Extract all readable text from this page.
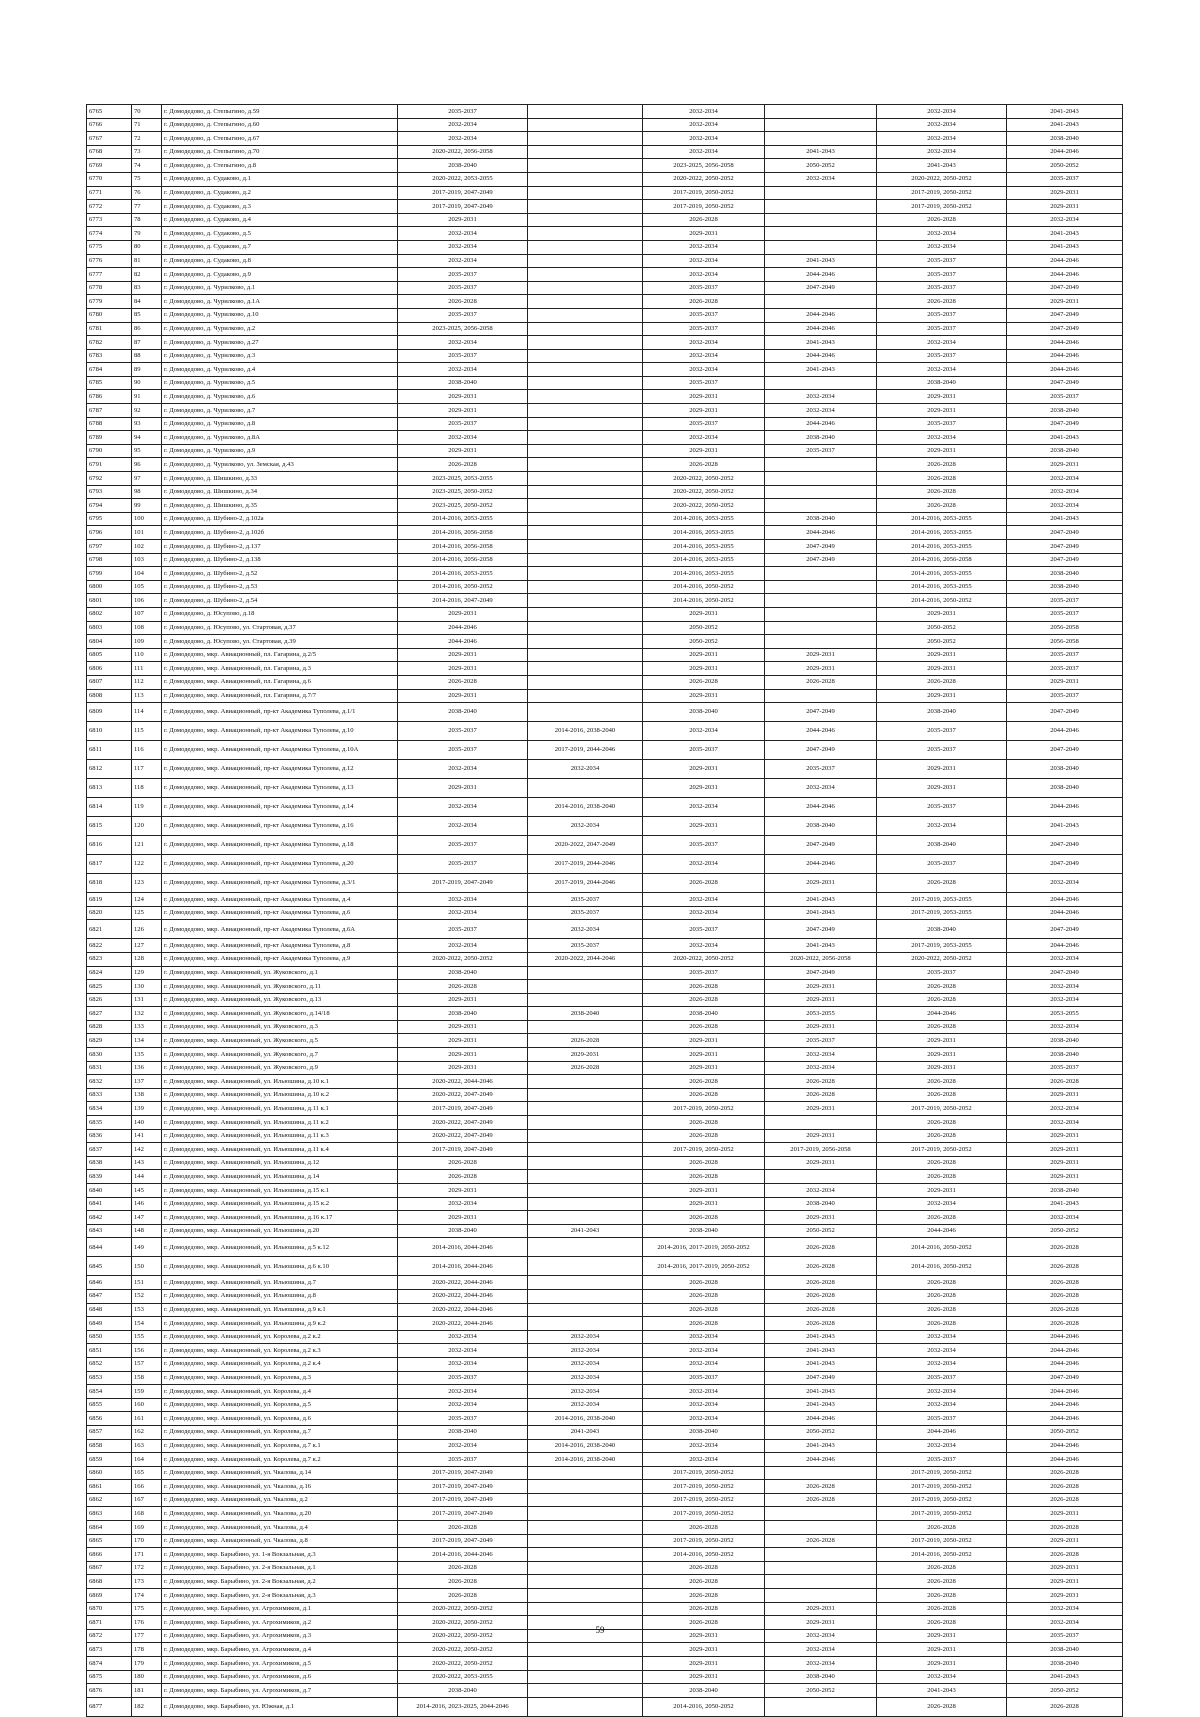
6765	70	г. Домодедово, д. Степыгино, д.59	2035-2037		2032-2034		2032-2034	2041-2043
6766	71	г. Домодедово, д. Степыгино, д.60	2032-2034		2032-2034		2032-2034	2041-2043
6767	72	г. Домодедово, д. Степыгино, д.67	2032-2034		2032-2034		2032-2034	2038-2040
6768	73	г. Домодедово, д. Степыгино, д.70	2020-2022, 2056-2058		2032-2034	2041-2043	2032-2034	2044-2046
6769	74	г. Домодедово, д. Степыгино, д.8	2038-2040		2023-2025, 2056-2058	2050-2052	2041-2043	2050-2052
6770	75	г. Домодедово, д. Судаково, д.1	2020-2022, 2053-2055		2020-2022, 2050-2052	2032-2034	2020-2022, 2050-2052	2035-2037
6771	76	г. Домодедово, д. Судаково, д.2	2017-2019, 2047-2049		2017-2019, 2050-2052		2017-2019, 2050-2052	2029-2031
6772	77	г. Домодедово, д. Судаково, д.3	2017-2019, 2047-2049		2017-2019, 2050-2052		2017-2019, 2050-2052	2029-2031
6773	78	г. Домодедово, д. Судаково, д.4	2029-2031		2026-2028		2026-2028	2032-2034
6774	79	г. Домодедово, д. Судаково, д.5	2032-2034		2029-2031		2032-2034	2041-2043
6775	80	г. Домодедово, д. Судаково, д.7	2032-2034		2032-2034		2032-2034	2041-2043
6776	81	г. Домодедово, д. Судаково, д.8	2032-2034		2032-2034	2041-2043	2035-2037	2044-2046
6777	82	г. Домодедово, д. Судаково, д.9	2035-2037		2032-2034	2044-2046	2035-2037	2044-2046
6778	83	г. Домодедово, д. Чурилково, д.1	2035-2037		2035-2037	2047-2049	2035-2037	2047-2049
6779	84	г. Домодедово, д. Чурилково, д.1А	2026-2028		2026-2028		2026-2028	2029-2031
6780	85	г. Домодедово, д. Чурилково, д.10	2035-2037		2035-2037	2044-2046	2035-2037	2047-2049
6781	86	г. Домодедово, д. Чурилково, д.2	2023-2025, 2056-2058		2035-2037	2044-2046	2035-2037	2047-2049
6782	87	г. Домодедово, д. Чурилково, д.27	2032-2034		2032-2034	2041-2043	2032-2034	2044-2046
6783	88	г. Домодедово, д. Чурилково, д.3	2035-2037		2032-2034	2044-2046	2035-2037	2044-2046
6784	89	г. Домодедово, д. Чурилково, д.4	2032-2034		2032-2034	2041-2043	2032-2034	2044-2046
6785	90	г. Домодедово, д. Чурилково, д.5	2038-2040		2035-2037		2038-2040	2047-2049
6786	91	г. Домодедово, д. Чурилково, д.6	2029-2031		2029-2031	2032-2034	2029-2031	2035-2037
6787	92	г. Домодедово, д. Чурилково, д.7	2029-2031		2029-2031	2032-2034	2029-2031	2038-2040
6788	93	г. Домодедово, д. Чурилково, д.8	2035-2037		2035-2037	2044-2046	2035-2037	2047-2049
6789	94	г. Домодедово, д. Чурилково, д.8А	2032-2034		2032-2034	2038-2040	2032-2034	2041-2043
6790	95	г. Домодедово, д. Чурилково, д.9	2029-2031		2029-2031	2035-2037	2029-2031	2038-2040
6791	96	г. Домодедово, д. Чурилково, ул. Земская, д.43	2026-2028		2026-2028		2026-2028	2029-2031
6792	97	г. Домодедово, д. Шишкино, д.33	2023-2025, 2053-2055		2020-2022, 2050-2052		2026-2028	2032-2034
6793	98	г. Домодедово, д. Шишкино, д.34	2023-2025, 2050-2052		2020-2022, 2050-2052		2026-2028	2032-2034
6794	99	г. Домодедово, д. Шишкино, д.35	2023-2025, 2050-2052		2020-2022, 2050-2052		2026-2028	2032-2034
6795	100	г. Домодедово, д. Шубино-2, д.102а	2014-2016, 2053-2055		2014-2016, 2053-2055	2038-2040	2014-2016, 2053-2055	2041-2043
6796	101	г. Домодедово, д. Шубино-2, д.102б	2014-2016, 2056-2058		2014-2016, 2053-2055	2044-2046	2014-2016, 2053-2055	2047-2049
6797	102	г. Домодедово, д. Шубино-2, д.137	2014-2016, 2056-2058		2014-2016, 2053-2055	2047-2049	2014-2016, 2053-2055	2047-2049
6798	103	г. Домодедово, д. Шубино-2, д.138	2014-2016, 2056-2058		2014-2016, 2053-2055	2047-2049	2014-2016, 2056-2058	2047-2049
6799	104	г. Домодедово, д. Шубино-2, д.52	2014-2016, 2053-2055		2014-2016, 2053-2055		2014-2016, 2053-2055	2038-2040
6800	105	г. Домодедово, д. Шубино-2, д.53	2014-2016, 2050-2052		2014-2016, 2050-2052		2014-2016, 2053-2055	2038-2040
6801	106	г. Домодедово, д. Шубино-2, д.54	2014-2016, 2047-2049		2014-2016, 2050-2052		2014-2016, 2050-2052	2035-2037
6802	107	г. Домодедово, д. Юсупово, д.18	2029-2031		2029-2031		2029-2031	2035-2037
6803	108	г. Домодедово, д. Юсупово, ул. Стартовая, д.37	2044-2046		2050-2052		2050-2052	2056-2058
6804	109	г. Домодедово, д. Юсупово, ул. Стартовая, д.39	2044-2046		2050-2052		2050-2052	2056-2058
6805	110	г. Домодедово, мкр. Авиационный, пл. Гагарина, д.2/5	2029-2031		2029-2031	2029-2031	2029-2031	2035-2037
6806	111	г. Домодедово, мкр. Авиационный, пл. Гагарина, д.3	2029-2031		2029-2031	2029-2031	2029-2031	2035-2037
6807	112	г. Домодедово, мкр. Авиационный, пл. Гагарина, д.6	2026-2028		2026-2028	2026-2028	2026-2028	2029-2031
6808	113	г. Домодедово, мкр. Авиационный, пл. Гагарина, д.7/7	2029-2031		2029-2031		2029-2031	2035-2037
6809	114	г. Домодедово, мкр. Авиационный, пр-кт Академика Туполева, д.1/1	2038-2040		2038-2040	2047-2049	2038-2040	2047-2049
6810	115	г. Домодедово, мкр. Авиационный, пр-кт Академика Туполева, д.10	2035-2037	2014-2016, 2038-2040	2032-2034	2044-2046	2035-2037	2044-2046
6811	116	г. Домодедово, мкр. Авиационный, пр-кт Академика Туполева, д.10А	2035-2037	2017-2019, 2044-2046	2035-2037	2047-2049	2035-2037	2047-2049
6812	117	г. Домодедово, мкр. Авиационный, пр-кт Академика Туполева, д.12	2032-2034	2032-2034	2029-2031	2035-2037	2029-2031	2038-2040
6813	118	г. Домодедово, мкр. Авиационный, пр-кт Академика Туполева, д.13	2029-2031		2029-2031	2032-2034	2029-2031	2038-2040
6814	119	г. Домодедово, мкр. Авиационный, пр-кт Академика Туполева, д.14	2032-2034	2014-2016, 2038-2040	2032-2034	2044-2046	2035-2037	2044-2046
6815	120	г. Домодедово, мкр. Авиационный, пр-кт Академика Туполева, д.16	2032-2034	2032-2034	2029-2031	2038-2040	2032-2034	2041-2043
6816	121	г. Домодедово, мкр. Авиационный, пр-кт Академика Туполева, д.18	2035-2037	2020-2022, 2047-2049	2035-2037	2047-2049	2038-2040	2047-2049
6817	122	г. Домодедово, мкр. Авиационный, пр-кт Академика Туполева, д.20	2035-2037	2017-2019, 2044-2046	2032-2034	2044-2046	2035-2037	2047-2049
6818	123	г. Домодедово, мкр. Авиационный, пр-кт Академика Туполева, д.3/1	2017-2019, 2047-2049	2017-2019, 2044-2046	2026-2028	2029-2031	2026-2028	2032-2034
6819	124	г. Домодедово, мкр. Авиационный, пр-кт Академика Туполева, д.4	2032-2034	2035-2037	2032-2034	2041-2043	2017-2019, 2053-2055	2044-2046
6820	125	г. Домодедово, мкр. Авиационный, пр-кт Академика Туполева, д.6	2032-2034	2035-2037	2032-2034	2041-2043	2017-2019, 2053-2055	2044-2046
6821	126	г. Домодедово, мкр. Авиационный, пр-кт Академика Туполева, д.6А	2035-2037	2032-2034	2035-2037	2047-2049	2038-2040	2047-2049
6822	127	г. Домодедово, мкр. Авиационный, пр-кт Академика Туполева, д.8	2032-2034	2035-2037	2032-2034	2041-2043	2017-2019, 2053-2055	2044-2046
6823	128	г. Домодедово, мкр. Авиационный, пр-кт Академика Туполева, д.9	2020-2022, 2050-2052	2020-2022, 2044-2046	2020-2022, 2050-2052	2020-2022, 2056-2058	2020-2022, 2050-2052	2032-2034
6824	129	г. Домодедово, мкр. Авиационный, ул. Жуковского, д.1	2038-2040		2035-2037	2047-2049	2035-2037	2047-2049
6825	130	г. Домодедово, мкр. Авиационный, ул. Жуковского, д.11	2026-2028		2026-2028	2029-2031	2026-2028	2032-2034
6826	131	г. Домодедово, мкр. Авиационный, ул. Жуковского, д.13	2029-2031		2026-2028	2029-2031	2026-2028	2032-2034
6827	132	г. Домодедово, мкр. Авиационный, ул. Жуковского, д.14/18	2038-2040	2038-2040	2038-2040	2053-2055	2044-2046	2053-2055
6828	133	г. Домодедово, мкр. Авиационный, ул. Жуковского, д.3	2029-2031		2026-2028	2029-2031	2026-2028	2032-2034
6829	134	г. Домодедово, мкр. Авиационный, ул. Жуковского, д.5	2029-2031	2026-2028	2029-2031	2035-2037	2029-2031	2038-2040
6830	135	г. Домодедово, мкр. Авиационный, ул. Жуковского, д.7	2029-2031	2029-2031	2029-2031	2032-2034	2029-2031	2038-2040
6831	136	г. Домодедово, мкр. Авиационный, ул. Жуковского, д.9	2029-2031	2026-2028	2029-2031	2032-2034	2029-2031	2035-2037
6832	137	г. Домодедово, мкр. Авиационный, ул. Ильюшина, д.10 к.1	2020-2022, 2044-2046		2026-2028	2026-2028	2026-2028	2026-2028
6833	138	г. Домодедово, мкр. Авиационный, ул. Ильюшина, д.10 к.2	2020-2022, 2047-2049		2026-2028	2026-2028	2026-2028	2029-2031
6834	139	г. Домодедово, мкр. Авиационный, ул. Ильюшина, д.11 к.1	2017-2019, 2047-2049		2017-2019, 2050-2052	2029-2031	2017-2019, 2050-2052	2032-2034
6835	140	г. Домодедово, мкр. Авиационный, ул. Ильюшина, д.11 к.2	2020-2022, 2047-2049		2026-2028		2026-2028	2032-2034
6836	141	г. Домодедово, мкр. Авиационный, ул. Ильюшина, д.11 к.3	2020-2022, 2047-2049		2026-2028	2029-2031	2026-2028	2029-2031
6837	142	г. Домодедово, мкр. Авиационный, ул. Ильюшина, д.11 к.4	2017-2019, 2047-2049		2017-2019, 2050-2052	2017-2019, 2056-2058	2017-2019, 2050-2052	2029-2031
6838	143	г. Домодедово, мкр. Авиационный, ул. Ильюшина, д.12	2026-2028		2026-2028	2029-2031	2026-2028	2029-2031
6839	144	г. Домодедово, мкр. Авиационный, ул. Ильюшина, д.14	2026-2028		2026-2028		2026-2028	2029-2031
6840	145	г. Домодедово, мкр. Авиационный, ул. Ильюшина, д.15 к.1	2029-2031		2029-2031	2032-2034	2029-2031	2038-2040
6841	146	г. Домодедово, мкр. Авиационный, ул. Ильюшина, д.15 к.2	2032-2034		2029-2031	2038-2040	2032-2034	2041-2043
6842	147	г. Домодедово, мкр. Авиационный, ул. Ильюшина, д.16 к.17	2029-2031		2026-2028	2029-2031	2026-2028	2032-2034
6843	148	г. Домодедово, мкр. Авиационный, ул. Ильюшина, д.20	2038-2040	2041-2043	2038-2040	2050-2052	2044-2046	2050-2052
6844	149	г. Домодедово, мкр. Авиационный, ул. Ильюшина, д.5 к.12	2014-2016, 2044-2046		2014-2016, 2017-2019, 2050-2052	2026-2028	2014-2016, 2050-2052	2026-2028
6845	150	г. Домодедово, мкр. Авиационный, ул. Ильюшина, д.6 к.10	2014-2016, 2044-2046		2014-2016, 2017-2019, 2050-2052	2026-2028	2014-2016, 2050-2052	2026-2028
6846	151	г. Домодедово, мкр. Авиационный, ул. Ильюшина, д.7	2020-2022, 2044-2046		2026-2028	2026-2028	2026-2028	2026-2028
6847	152	г. Домодедово, мкр. Авиационный, ул. Ильюшина, д.8	2020-2022, 2044-2046		2026-2028	2026-2028	2026-2028	2026-2028
6848	153	г. Домодедово, мкр. Авиационный, ул. Ильюшина, д.9 к.1	2020-2022, 2044-2046		2026-2028	2026-2028	2026-2028	2026-2028
6849	154	г. Домодедово, мкр. Авиационный, ул. Ильюшина, д.9 к.2	2020-2022, 2044-2046		2026-2028	2026-2028	2026-2028	2026-2028
6850	155	г. Домодедово, мкр. Авиационный, ул. Королева, д.2 к.2	2032-2034	2032-2034	2032-2034	2041-2043	2032-2034	2044-2046
6851	156	г. Домодедово, мкр. Авиационный, ул. Королева, д.2 к.3	2032-2034	2032-2034	2032-2034	2041-2043	2032-2034	2044-2046
6852	157	г. Домодедово, мкр. Авиационный, ул. Королева, д.2 к.4	2032-2034	2032-2034	2032-2034	2041-2043	2032-2034	2044-2046
6853	158	г. Домодедово, мкр. Авиационный, ул. Королева, д.3	2035-2037	2032-2034	2035-2037	2047-2049	2035-2037	2047-2049
6854	159	г. Домодедово, мкр. Авиационный, ул. Королева, д.4	2032-2034	2032-2034	2032-2034	2041-2043	2032-2034	2044-2046
6855	160	г. Домодедово, мкр. Авиационный, ул. Королева, д.5	2032-2034	2032-2034	2032-2034	2041-2043	2032-2034	2044-2046
6856	161	г. Домодедово, мкр. Авиационный, ул. Королева, д.6	2035-2037	2014-2016, 2038-2040	2032-2034	2044-2046	2035-2037	2044-2046
6857	162	г. Домодедово, мкр. Авиационный, ул. Королева, д.7	2038-2040	2041-2043	2038-2040	2050-2052	2044-2046	2050-2052
6858	163	г. Домодедово, мкр. Авиационный, ул. Королева, д.7 к.1	2032-2034	2014-2016, 2038-2040	2032-2034	2041-2043	2032-2034	2044-2046
6859	164	г. Домодедово, мкр. Авиационный, ул. Королева, д.7 к.2	2035-2037	2014-2016, 2038-2040	2032-2034	2044-2046	2035-2037	2044-2046
6860	165	г. Домодедово, мкр. Авиационный, ул. Чкалова, д.14	2017-2019, 2047-2049		2017-2019, 2050-2052		2017-2019, 2050-2052	2026-2028
6861	166	г. Домодедово, мкр. Авиационный, ул. Чкалова, д.16	2017-2019, 2047-2049		2017-2019, 2050-2052	2026-2028	2017-2019, 2050-2052	2026-2028
6862	167	г. Домодедово, мкр. Авиационный, ул. Чкалова, д.2	2017-2019, 2047-2049		2017-2019, 2050-2052	2026-2028	2017-2019, 2050-2052	2026-2028
6863	168	г. Домодедово, мкр. Авиационный, ул. Чкалова, д.20	2017-2019, 2047-2049		2017-2019, 2050-2052		2017-2019, 2050-2052	2029-2031
6864	169	г. Домодедово, мкр. Авиационный, ул. Чкалова, д.4	2026-2028		2026-2028		2026-2028	2026-2028
6865	170	г. Домодедово, мкр. Авиационный, ул. Чкалова, д.8	2017-2019, 2047-2049		2017-2019, 2050-2052	2026-2028	2017-2019, 2050-2052	2029-2031
6866	171	г. Домодедово, мкр. Барыбино, ул. 1-я Вокзальная, д.3	2014-2016, 2044-2046		2014-2016, 2050-2052		2014-2016, 2050-2052	2026-2028
6867	172	г. Домодедово, мкр. Барыбино, ул. 2-я Вокзальная, д.1	2026-2028		2026-2028		2026-2028	2029-2031
6868	173	г. Домодедово, мкр. Барыбино, ул. 2-я Вокзальная, д.2	2026-2028		2026-2028		2026-2028	2029-2031
6869	174	г. Домодедово, мкр. Барыбино, ул. 2-я Вокзальная, д.3	2026-2028		2026-2028		2026-2028	2029-2031
6870	175	г. Домодедово, мкр. Барыбино, ул. Агрохимиков, д.1	2020-2022, 2050-2052		2026-2028	2029-2031	2026-2028	2032-2034
6871	176	г. Домодедово, мкр. Барыбино, ул. Агрохимиков, д.2	2020-2022, 2050-2052		2026-2028	2029-2031	2026-2028	2032-2034
6872	177	г. Домодедово, мкр. Барыбино, ул. Агрохимиков, д.3	2020-2022, 2050-2052		2029-2031	2032-2034	2029-2031	2035-2037
6873	178	г. Домодедово, мкр. Барыбино, ул. Агрохимиков, д.4	2020-2022, 2050-2052		2029-2031	2032-2034	2029-2031	2038-2040
6874	179	г. Домодедово, мкр. Барыбино, ул. Агрохимиков, д.5	2020-2022, 2050-2052		2029-2031	2032-2034	2029-2031	2038-2040
6875	180	г. Домодедово, мкр. Барыбино, ул. Агрохимиков, д.6	2020-2022, 2053-2055		2029-2031	2038-2040	2032-2034	2041-2043
6876	181	г. Домодедово, мкр. Барыбино, ул. Агрохимиков, д.7	2038-2040		2038-2040	2050-2052	2041-2043	2050-2052
6877	182	г. Домодедово, мкр. Барыбино, ул. Южная, д.1	2014-2016, 2023-2025, 2044-2046		2014-2016, 2050-2052		2026-2028	2026-2028
59
